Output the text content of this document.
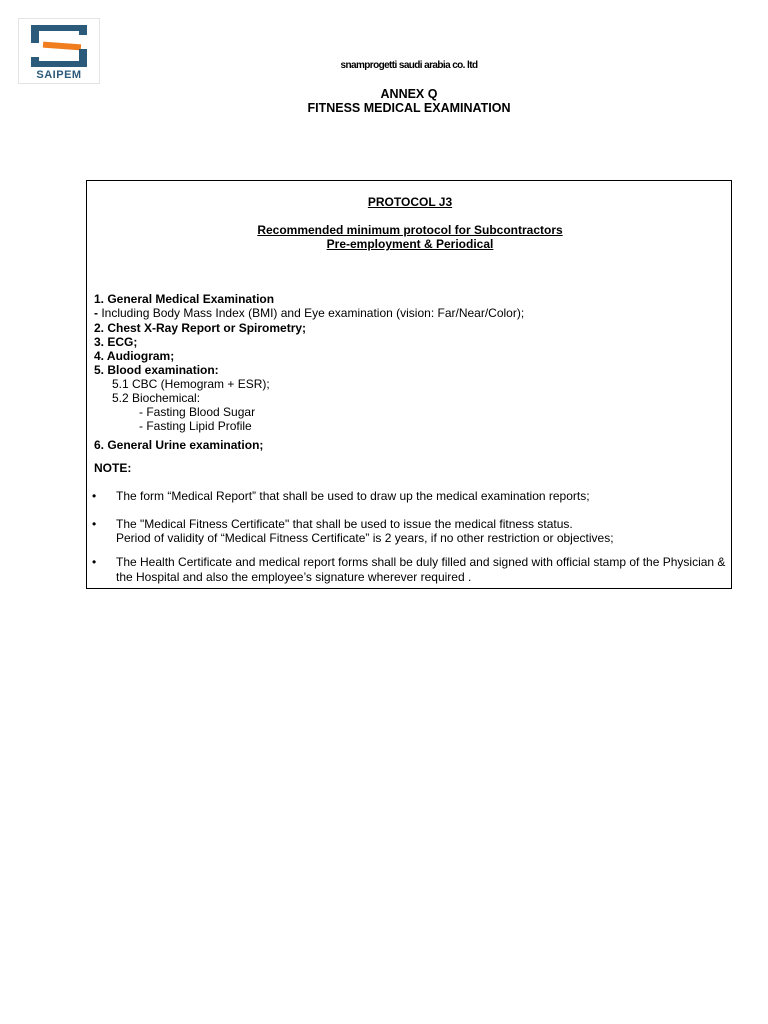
SAIPEM
snamprogetti saudi arabia co. ltd
ANNEX Q
FITNESS MEDICAL EXAMINATION
PROTOCOL J3
Recommended minimum protocol for Subcontractors
Pre-employment & Periodical
1. General Medical Examination
- Including Body Mass Index (BMI) and Eye examination (vision: Far/Near/Color);
2. Chest X-Ray Report or Spirometry;
3. ECG;
4. Audiogram;
5. Blood examination:
5.1 CBC (Hemogram + ESR);
5.2 Biochemical:
- Fasting Blood Sugar
- Fasting Lipid Profile
6. General Urine examination;
NOTE:
• The form “Medical Report” that shall be used to draw up the medical examination reports;
• The "Medical Fitness Certificate" that shall be used to issue the medical fitness status.
Period of validity of “Medical Fitness Certificate” is 2 years, if no other restriction or objectives;
• The Health Certificate and medical report forms shall be duly filled and signed with official stamp of the Physician & the Hospital and also the employee’s signature wherever required .
